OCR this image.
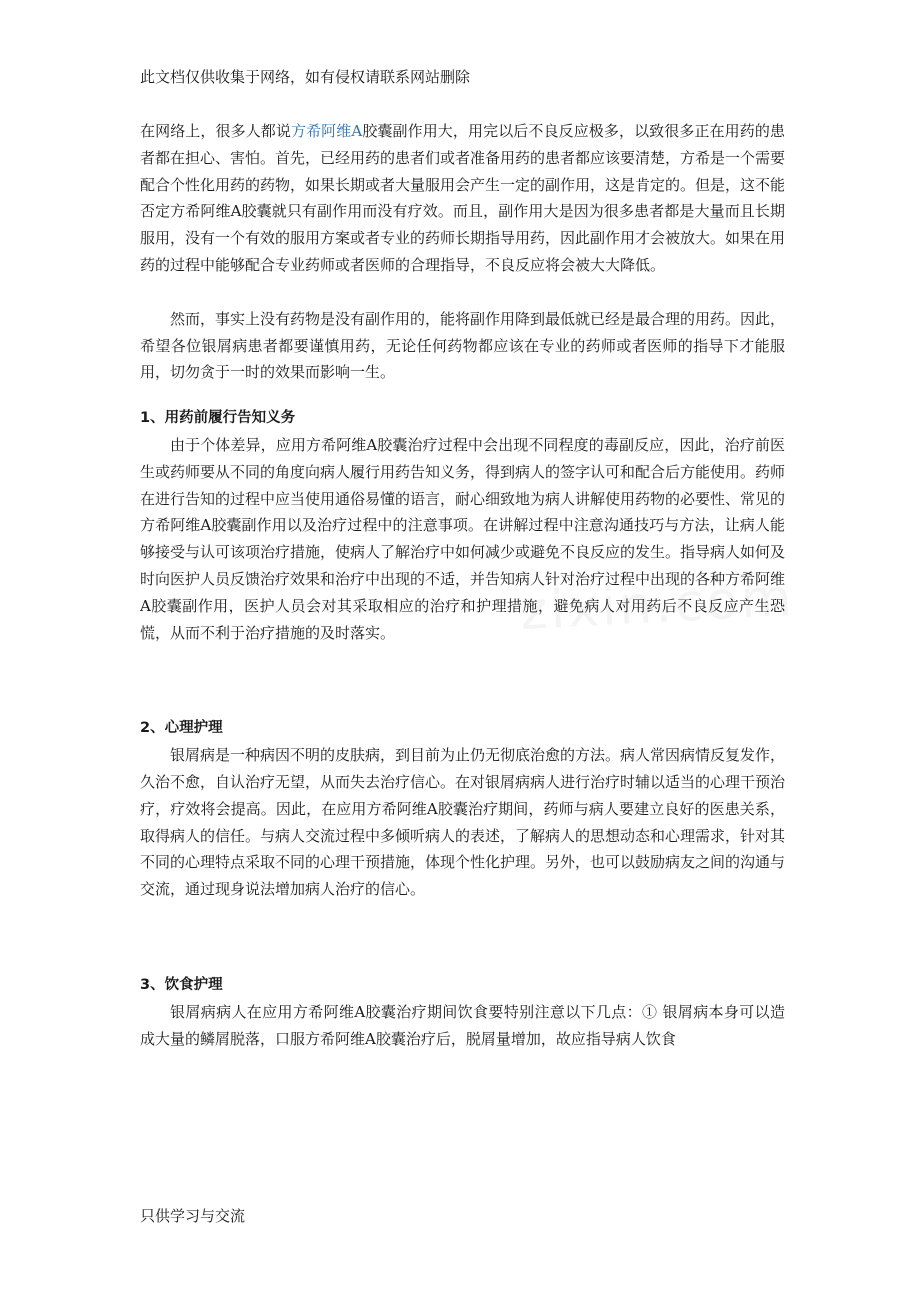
此文档仅供收集于网络，如有侵权请联系网站删除

在网络上，很多人都说方希阿维A胶囊副作用大，用完以后不良反应极多，以致很多正在用药的患者都在担心、害怕。首先，已经用药的患者们或者准备用药的患者都应该要清楚，方希是一个需要配合个性化用药的药物，如果长期或者大量服用会产生一定的副作用，这是肯定的。但是，这不能否定方希阿维A胶囊就只有副作用而没有疗效。而且，副作用大是因为很多患者都是大量而且长期服用，没有一个有效的服用方案或者专业的药师长期指导用药，因此副作用才会被放大。如果在用药的过程中能够配合专业药师或者医师的合理指导，不良反应将会被大大降低。

然而，事实上没有药物是没有副作用的，能将副作用降到最低就已经是最合理的用药。因此，希望各位银屑病患者都要谨慎用药，无论任何药物都应该在专业的药师或者医师的指导下才能服用，切勿贪于一时的效果而影响一生。

1、用药前履行告知义务

由于个体差异，应用方希阿维A胶囊治疗过程中会出现不同程度的毒副反应，因此，治疗前医生或药师要从不同的角度向病人履行用药告知义务，得到病人的签字认可和配合后方能使用。药师在进行告知的过程中应当使用通俗易懂的语言，耐心细致地为病人讲解使用药物的必要性、常见的方希阿维A胶囊副作用以及治疗过程中的注意事项。在讲解过程中注意沟通技巧与方法，让病人能够接受与认可该项治疗措施，使病人了解治疗中如何减少或避免不良反应的发生。指导病人如何及时向医护人员反馈治疗效果和治疗中出现的不适，并告知病人针对治疗过程中出现的各种方希阿维A胶囊副作用，医护人员会对其采取相应的治疗和护理措施，避免病人对用药后不良反应产生恐慌，从而不利于治疗措施的及时落实。

2、心理护理

银屑病是一种病因不明的皮肤病，到目前为止仍无彻底治愈的方法。病人常因病情反复发作，久治不愈，自认治疗无望，从而失去治疗信心。在对银屑病病人进行治疗时辅以适当的心理干预治疗，疗效将会提高。因此，在应用方希阿维A胶囊治疗期间，药师与病人要建立良好的医患关系，取得病人的信任。与病人交流过程中多倾听病人的表述，了解病人的思想动态和心理需求，针对其不同的心理特点采取不同的心理干预措施，体现个性化护理。另外，也可以鼓励病友之间的沟通与交流，通过现身说法增加病人治疗的信心。

3、饮食护理

银屑病病人在应用方希阿维A胶囊治疗期间饮食要特别注意以下几点：① 银屑病本身可以造成大量的鳞屑脱落，口服方希阿维A胶囊治疗后，脱屑量增加，故应指导病人饮食

只供学习与交流
